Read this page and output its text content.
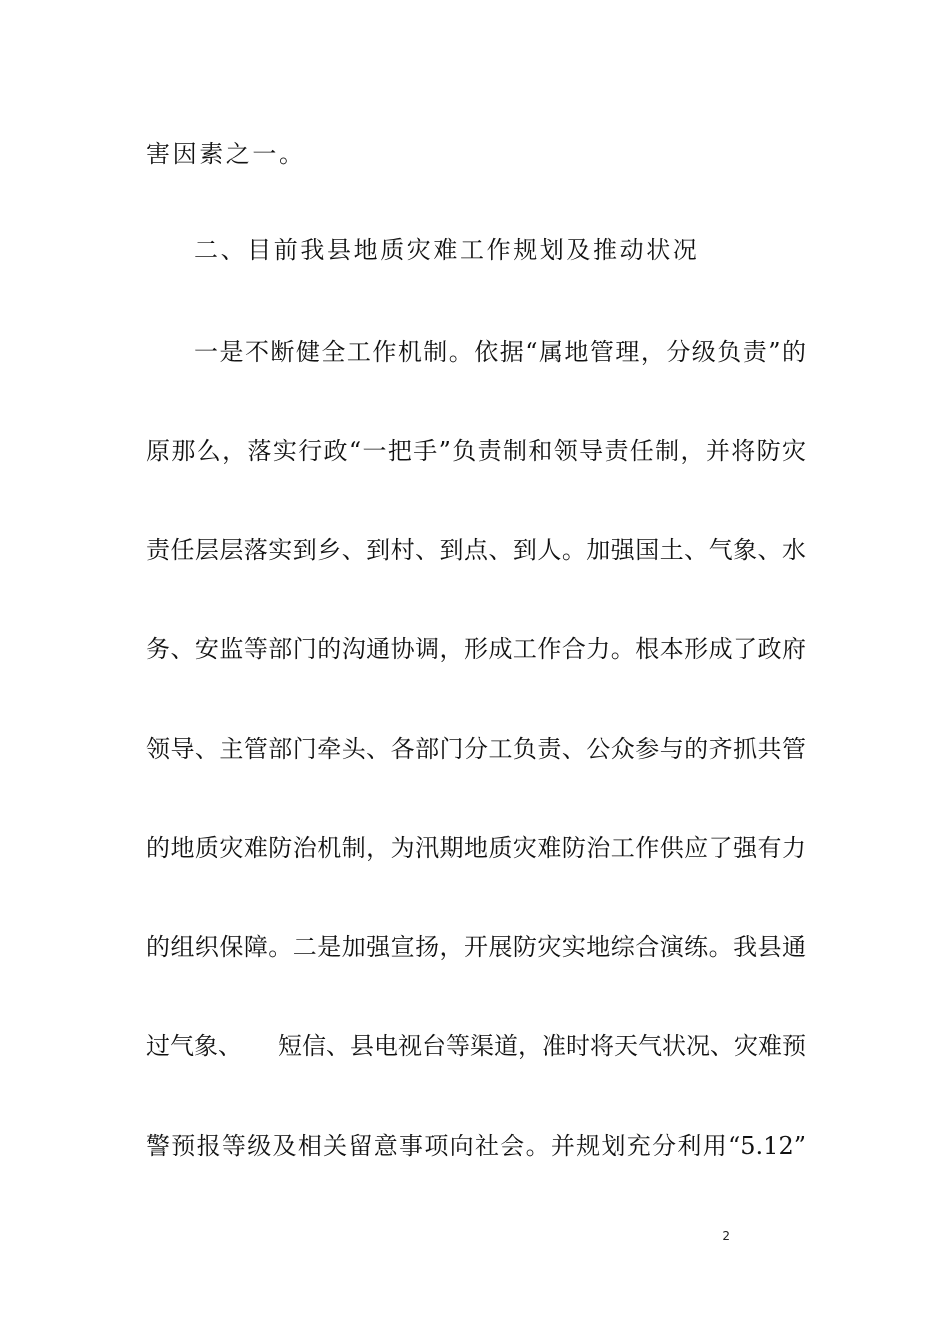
害因素之一。
二、目前我县地质灾难工作规划及推动状况
一是不断健全工作机制。依据“属地管理，分级负责”的
原那么，落实行政“一把手”负责制和领导责任制，并将防灾
责任层层落实到乡、到村、到点、到人。加强国土、气象、水
务、安监等部门的沟通协调，形成工作合力。根本形成了政府
领导、主管部门牵头、各部门分工负责、公众参与的齐抓共管
的地质灾难防治机制，为汛期地质灾难防治工作供应了强有力
的组织保障。二是加强宣扬，开展防灾实地综合演练。我县通
过气象、　　短信、县电视台等渠道，准时将天气状况、灾难预
警预报等级及相关留意事项向社会。并规划充分利用“5.12”
2
